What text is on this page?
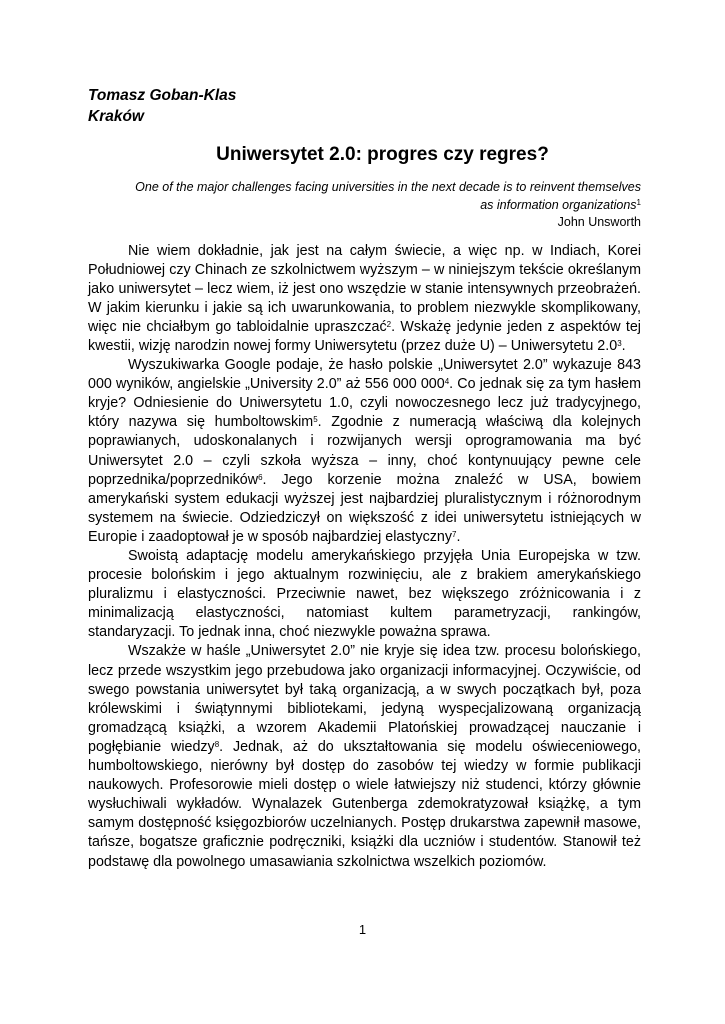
Tomasz Goban-Klas
Kraków
Uniwersytet 2.0: progres czy regres?
One of the major challenges facing universities in the next decade is to reinvent themselves
as information organizations$^1$
John Unsworth

Nie wiem dokładnie, jak jest na całym świecie, a więc np. w Indiach, Korei Południowej czy Chinach ze szkolnictwem wyższym – w niniejszym tekście określanym jako uniwersytet – lecz wiem, iż jest ono wszędzie w stanie intensywnych przeobrażeń. W jakim kierunku i jakie są ich uwarunkowania, to problem niezwykle skomplikowany, więc nie chciałbym go tabloidalnie upraszczać$^2$. Wskażę jedynie jeden z aspektów tej kwestii, wizję narodzin nowej formy Uniwersytetu (przez duże U) – Uniwersytetu $2.0^3$.

Wyszukiwarka Google podaje, że hasło polskie „Uniwersytet 2.0” wykazuje 843 000 wyników, angielskie „University 2.0” aż 556 000 $000^4$. Co jednak się za tym hasłem kryje? Odniesienie do Uniwersytetu 1.0, czyli nowoczesnego lecz już tradycyjnego, który nazywa się humboltowskim$^5$. Zgodnie z numeracją właściwą dla kolejnych poprawianych, udoskonalanych i rozwijanych wersji oprogramowania ma być Uniwersytet 2.0 – czyli szkoła wyższa – inny, choć kontynuujący pewne cele poprzednika/poprzedników$^6$. Jego korzenie można znaleźć w USA, bowiem amerykański system edukacji wyższej jest najbardziej pluralistycznym i różnorodnym systemem na świecie. Odziedziczył on większość z idei uniwersytetu istniejących w Europie i zaadoptował je w sposób najbardziej elastyczny$^7$.

Swoistą adaptację modelu amerykańskiego przyjęła Unia Europejska w tzw. procesie bolońskim i jego aktualnym rozwinięciu, ale z brakiem amerykańskiego pluralizmu i elastyczności. Przeciwnie nawet, bez większego zróżnicowania i z minimalizacją elastyczności, natomiast kultem parametryzacji, rankingów, standaryzacji. To jednak inna, choć niezwykle poważna sprawa.

Wszakże w haśle „Uniwersytet 2.0” nie kryje się idea tzw. procesu bolońskiego, lecz przede wszystkim jego przebudowa jako organizacji informacyjnej. Oczywiście, od swego powstania uniwersytet był taką organizacją, a w swych początkach był, poza królewskimi i świątynnymi bibliotekami, jedyną wyspecjalizowaną organizacją gromadzącą książki, a wzorem Akademii Platońskiej prowadzącej nauczanie i pogłębianie wiedzy$^8$. Jednak, aż do ukształtowania się modelu oświeceniowego, humboltowskiego, nierówny był dostęp do zasobów tej wiedzy w formie publikacji naukowych. Profesorowie mieli dostęp o wiele łatwiejszy niż studenci, którzy głównie wysłuchiwali wykładów. Wynalazek Gutenberga zdemokratyzował książkę, a tym samym dostępność księgozbiorów uczelnianych. Postęp drukarstwa zapewnił masowe, tańsze, bogatsze graficznie podręczniki, książki dla uczniów i studentów. Stanowił też podstawę dla powolnego umasawiania szkolnictwa wszelkich poziomów.

1
